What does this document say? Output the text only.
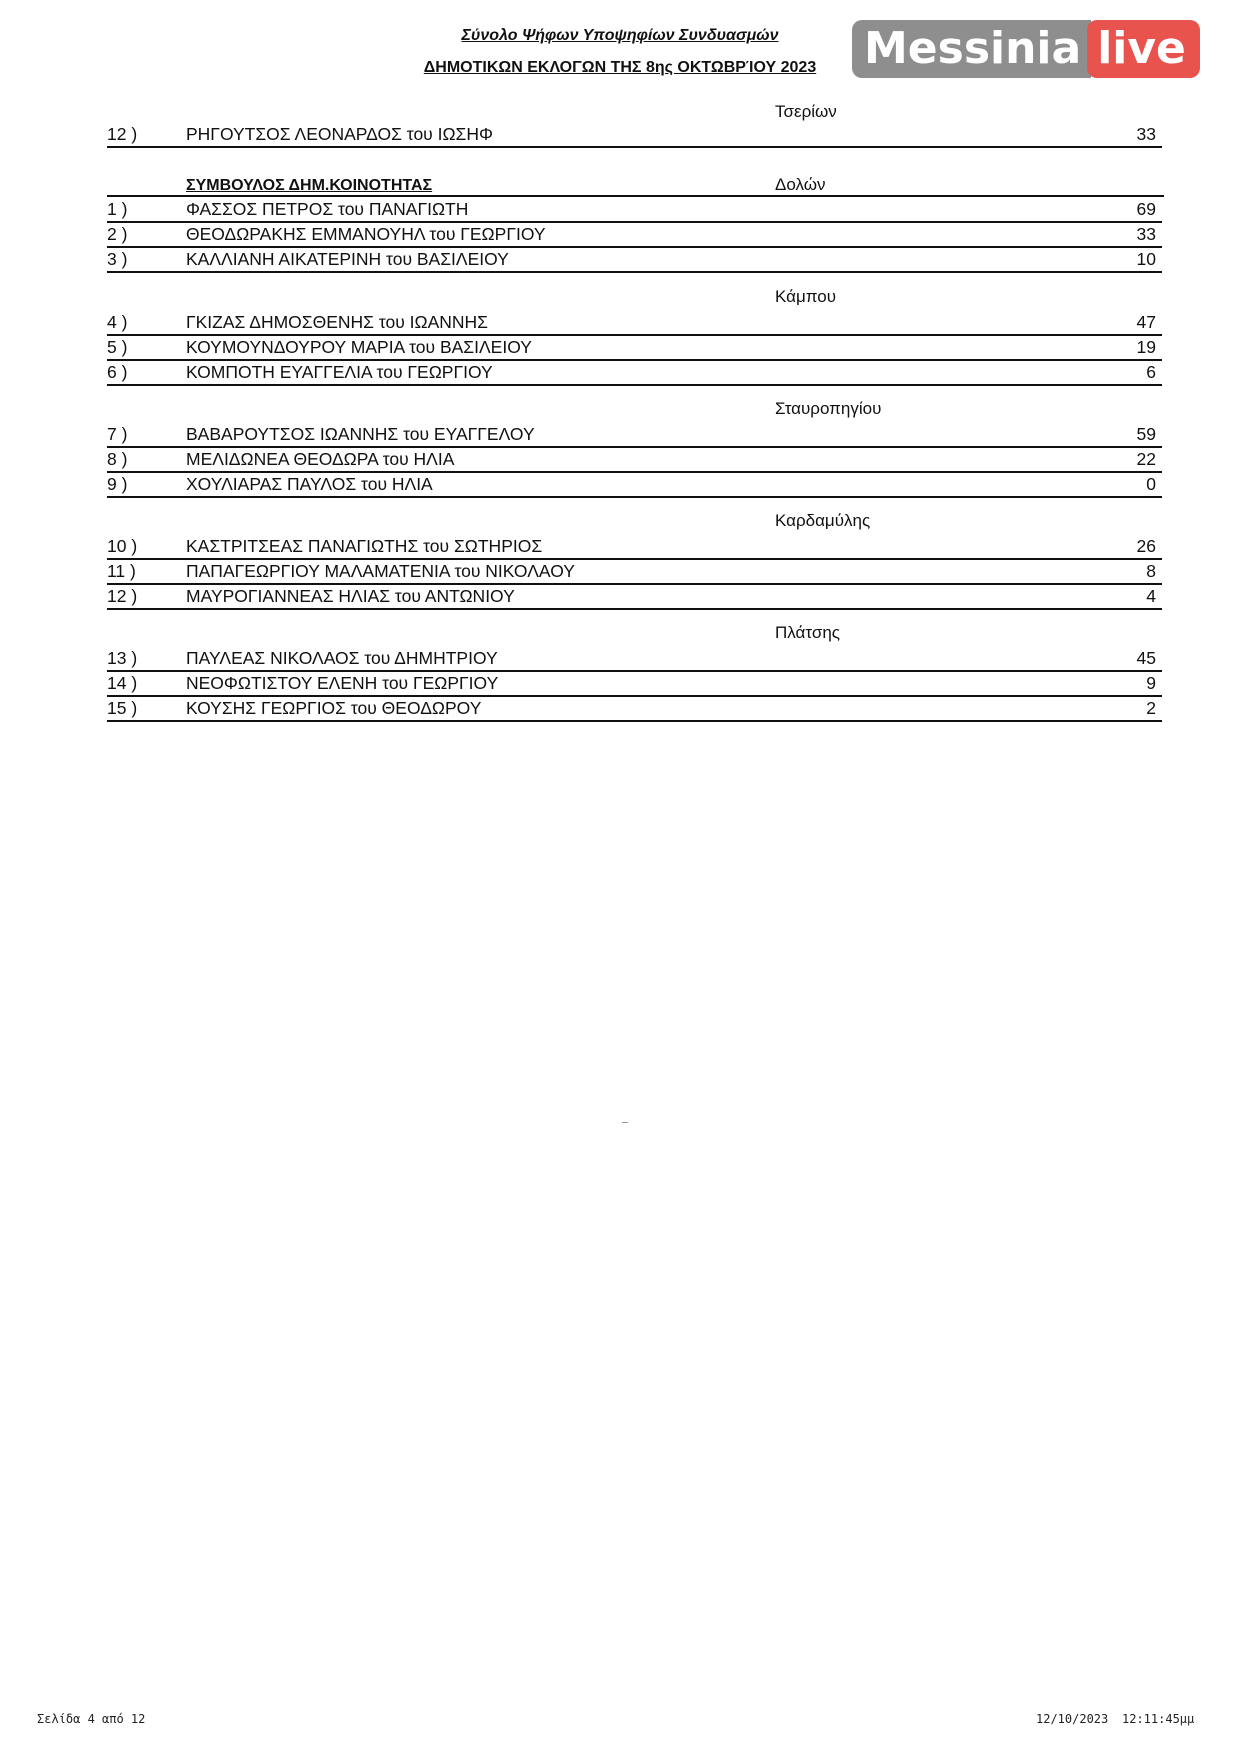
Σύνολο Ψήφων Υποψηφίων Συνδυασμών
ΔΗΜΟΤΙΚΩΝ ΕΚΛΟΓΩΝ ΤΗΣ 8ης ΟΚΤΩΒΡΊΟΥ 2023	Messinia live
Τσερίων
12 )	ΡΗΓΟΥΤΣΟΣ ΛΕΟΝΑΡΔΟΣ του ΙΩΣΗΦ	33
ΣΥΜΒΟΥΛΟΣ ΔΗΜ.ΚΟΙΝΟΤΗΤΑΣ	Δολών
1 )	ΦΑΣΣΟΣ ΠΕΤΡΟΣ του ΠΑΝΑΓΙΩΤΗ	69
2 )	ΘΕΟΔΩΡΑΚΗΣ ΕΜΜΑΝΟΥΗΛ του ΓΕΩΡΓΙΟΥ	33
3 )	ΚΑΛΛΙΑΝΗ ΑΙΚΑΤΕΡΙΝΗ του ΒΑΣΙΛΕΙΟΥ	10
Κάμπου
4 )	ΓΚΙΖΑΣ ΔΗΜΟΣΘΕΝΗΣ του ΙΩΑΝΝΗΣ	47
5 )	ΚΟΥΜΟΥΝΔΟΥΡΟΥ ΜΑΡΙΑ του ΒΑΣΙΛΕΙΟΥ	19
6 )	ΚΟΜΠΟΤΗ ΕΥΑΓΓΕΛΙΑ του ΓΕΩΡΓΙΟΥ	6
Σταυροπηγίου
7 )	ΒΑΒΑΡΟΥΤΣΟΣ ΙΩΑΝΝΗΣ του ΕΥΑΓΓΕΛΟΥ	59
8 )	ΜΕΛΙΔΩΝΕΑ ΘΕΟΔΩΡΑ του ΗΛΙΑ	22
9 )	ΧΟΥΛΙΑΡΑΣ ΠΑΥΛΟΣ του ΗΛΙΑ	0
Καρδαμύλης
10 )	ΚΑΣΤΡΙΤΣΕΑΣ ΠΑΝΑΓΙΩΤΗΣ του ΣΩΤΗΡΙΟΣ	26
11 )	ΠΑΠΑΓΕΩΡΓΙΟΥ ΜΑΛΑΜΑΤΕΝΙΑ του ΝΙΚΟΛΑΟΥ	8
12 )	ΜΑΥΡΟΓΙΑΝΝΕΑΣ ΗΛΙΑΣ του ΑΝΤΩΝΙΟΥ	4
Πλάτσης
13 )	ΠΑΥΛΕΑΣ ΝΙΚΟΛΑΟΣ του ΔΗΜΗΤΡΙΟΥ	45
14 )	ΝΕΟΦΩΤΙΣΤΟΥ ΕΛΕΝΗ του ΓΕΩΡΓΙΟΥ	9
15 )	ΚΟΥΣΗΣ ΓΕΩΡΓΙΟΣ του ΘΕΟΔΩΡΟΥ	2
Σελίδα 4 από 12	12/10/2023 12:11:45μμ
